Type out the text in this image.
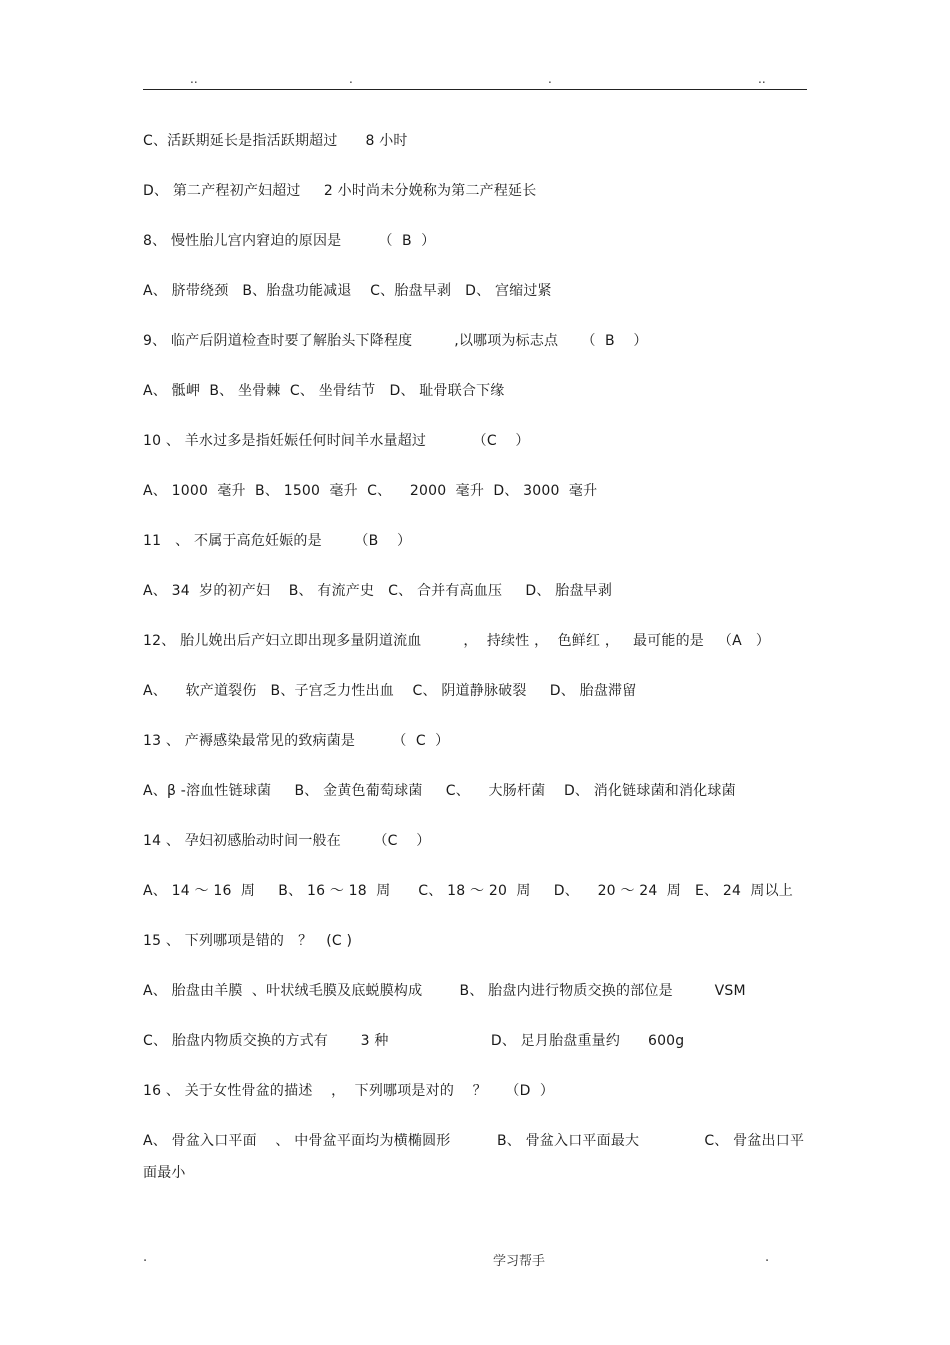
..	.	.	..
C、活跃期延长是指活跃期超过      8 小时
D、 第二产程初产妇超过     2 小时尚未分娩称为第二产程延长
8、 慢性胎儿宫内窘迫的原因是        （  B  ）
A、 脐带绕颈   B、胎盘功能减退    C、胎盘早剥   D、 宫缩过紧
9、 临产后阴道检查时要了解胎头下降程度         ,以哪项为标志点     （  B    ）
A、 骶岬  B、 坐骨棘  C、 坐骨结节   D、 耻骨联合下缘
10 、 羊水过多是指妊娠任何时间羊水量超过          （C    ）
A、 1000  毫升  B、 1500  毫升  C、    2000  毫升  D、 3000  毫升
11   、 不属于高危妊娠的是       （B    ）
A、 34  岁的初产妇    B、 有流产史   C、 合并有高血压     D、 胎盘早剥
12、 胎儿娩出后产妇立即出现多量阴道流血         ，  持续性 ，  色鲜红 ，   最可能的是   （A   ）
A、    软产道裂伤   B、子宫乏力性出血    C、 阴道静脉破裂     D、 胎盘滞留
13 、 产褥感染最常见的致病菌是        （  C  ）
A、β -溶血性链球菌     B、 金黄色葡萄球菌     C、    大肠杆菌    D、 消化链球菌和消化球菌
14 、 孕妇初感胎动时间一般在       （C    ）
A、 14 ～ 16  周     B、 16 ～ 18  周      C、 18 ～ 20  周     D、    20 ～ 24  周   E、 24  周以上
15 、 下列哪项是错的   ？   (C )
A、 胎盘由羊膜  、叶状绒毛膜及底蜕膜构成        B、 胎盘内进行物质交换的部位是         VSM
C、 胎盘内物质交换的方式有       3 种                      D、 足月胎盘重量约      600g
16 、 关于女性骨盆的描述    ，  下列哪项是对的    ？    （D  ）
A、 骨盆入口平面    、 中骨盆平面均为横椭圆形          B、 骨盆入口平面最大              C、 骨盆出口平
面最小
.	学习帮手	.
